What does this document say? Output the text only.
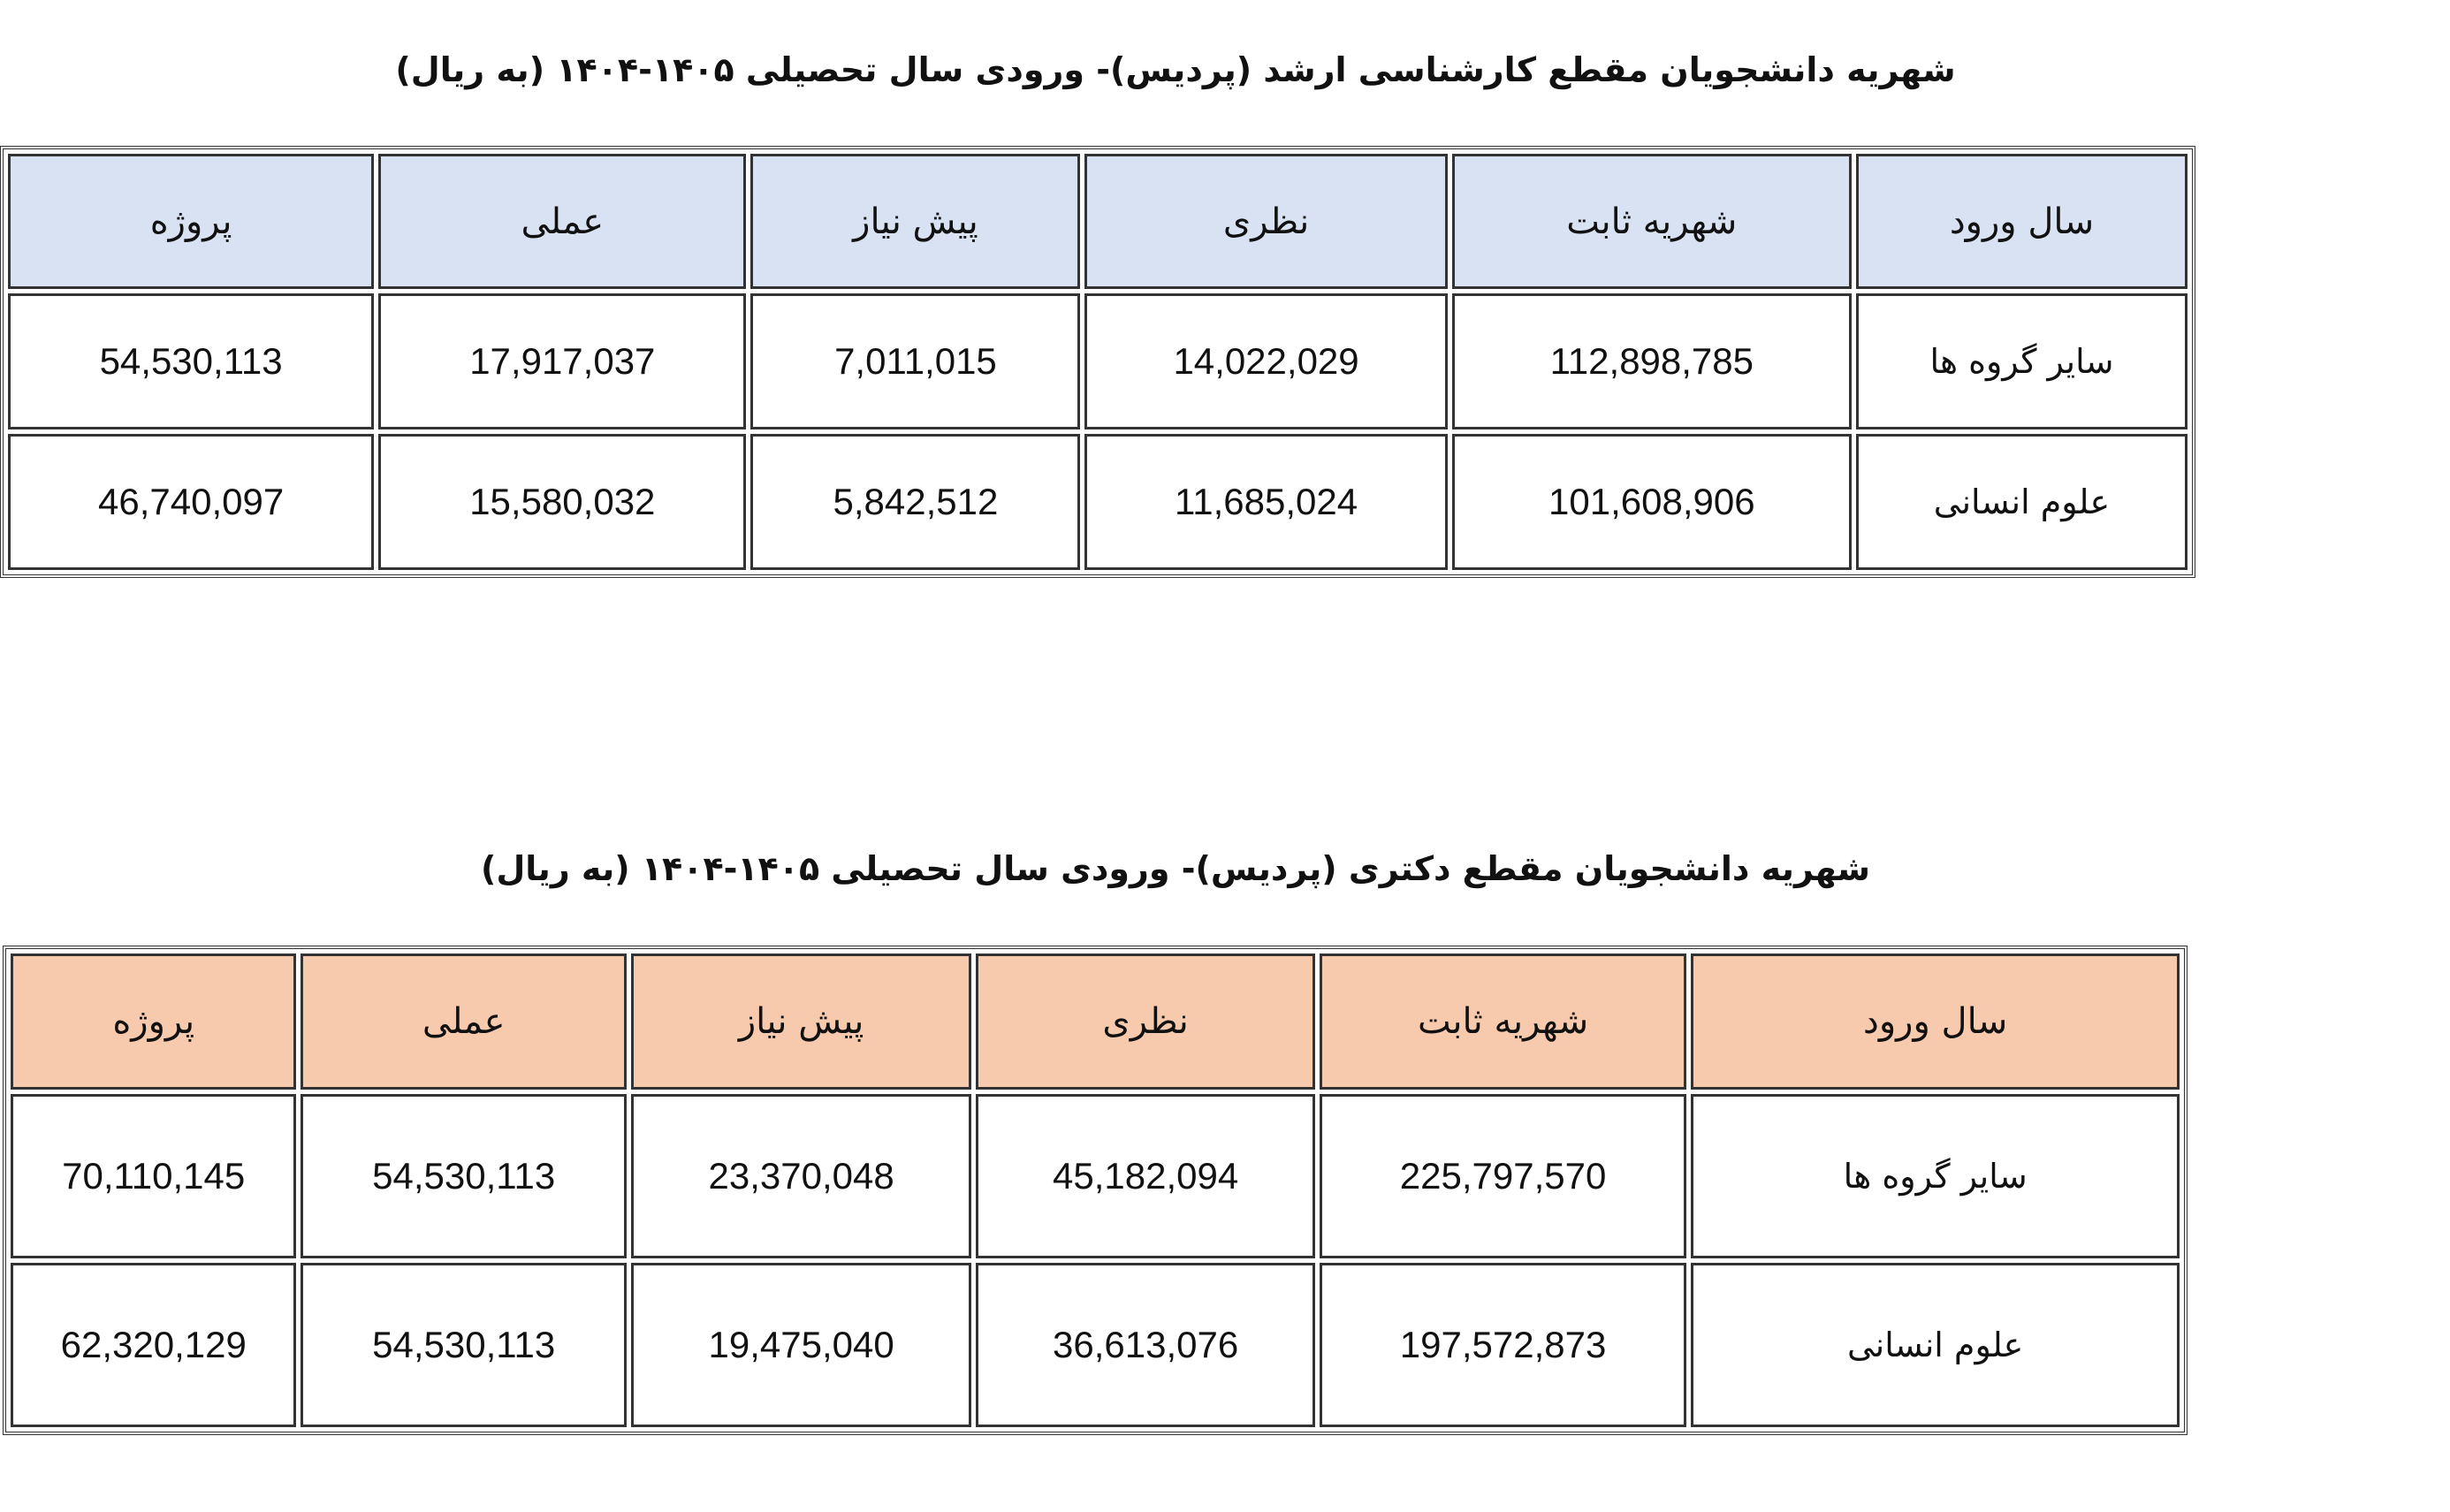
شهریه دانشجویان مقطع کارشناسی ارشد (پردیس)- ورودی سال تحصیلی ۱۴۰۵-۱۴۰۴ (به ریال)
سال ورود	شهریه ثابت	نظری	پیش نیاز	عملی	پروژه
سایر گروه ها	112,898,785	14,022,029	7,011,015	17,917,037	54,530,113
علوم انسانی	101,608,906	11,685,024	5,842,512	15,580,032	46,740,097
شهریه دانشجویان مقطع دکتری (پردیس)- ورودی سال تحصیلی ۱۴۰۵-۱۴۰۴ (به ریال)
سال ورود	شهریه ثابت	نظری	پیش نیاز	عملی	پروژه
سایر گروه ها	225,797,570	45,182,094	23,370,048	54,530,113	70,110,145
علوم انسانی	197,572,873	36,613,076	19,475,040	54,530,113	62,320,129
